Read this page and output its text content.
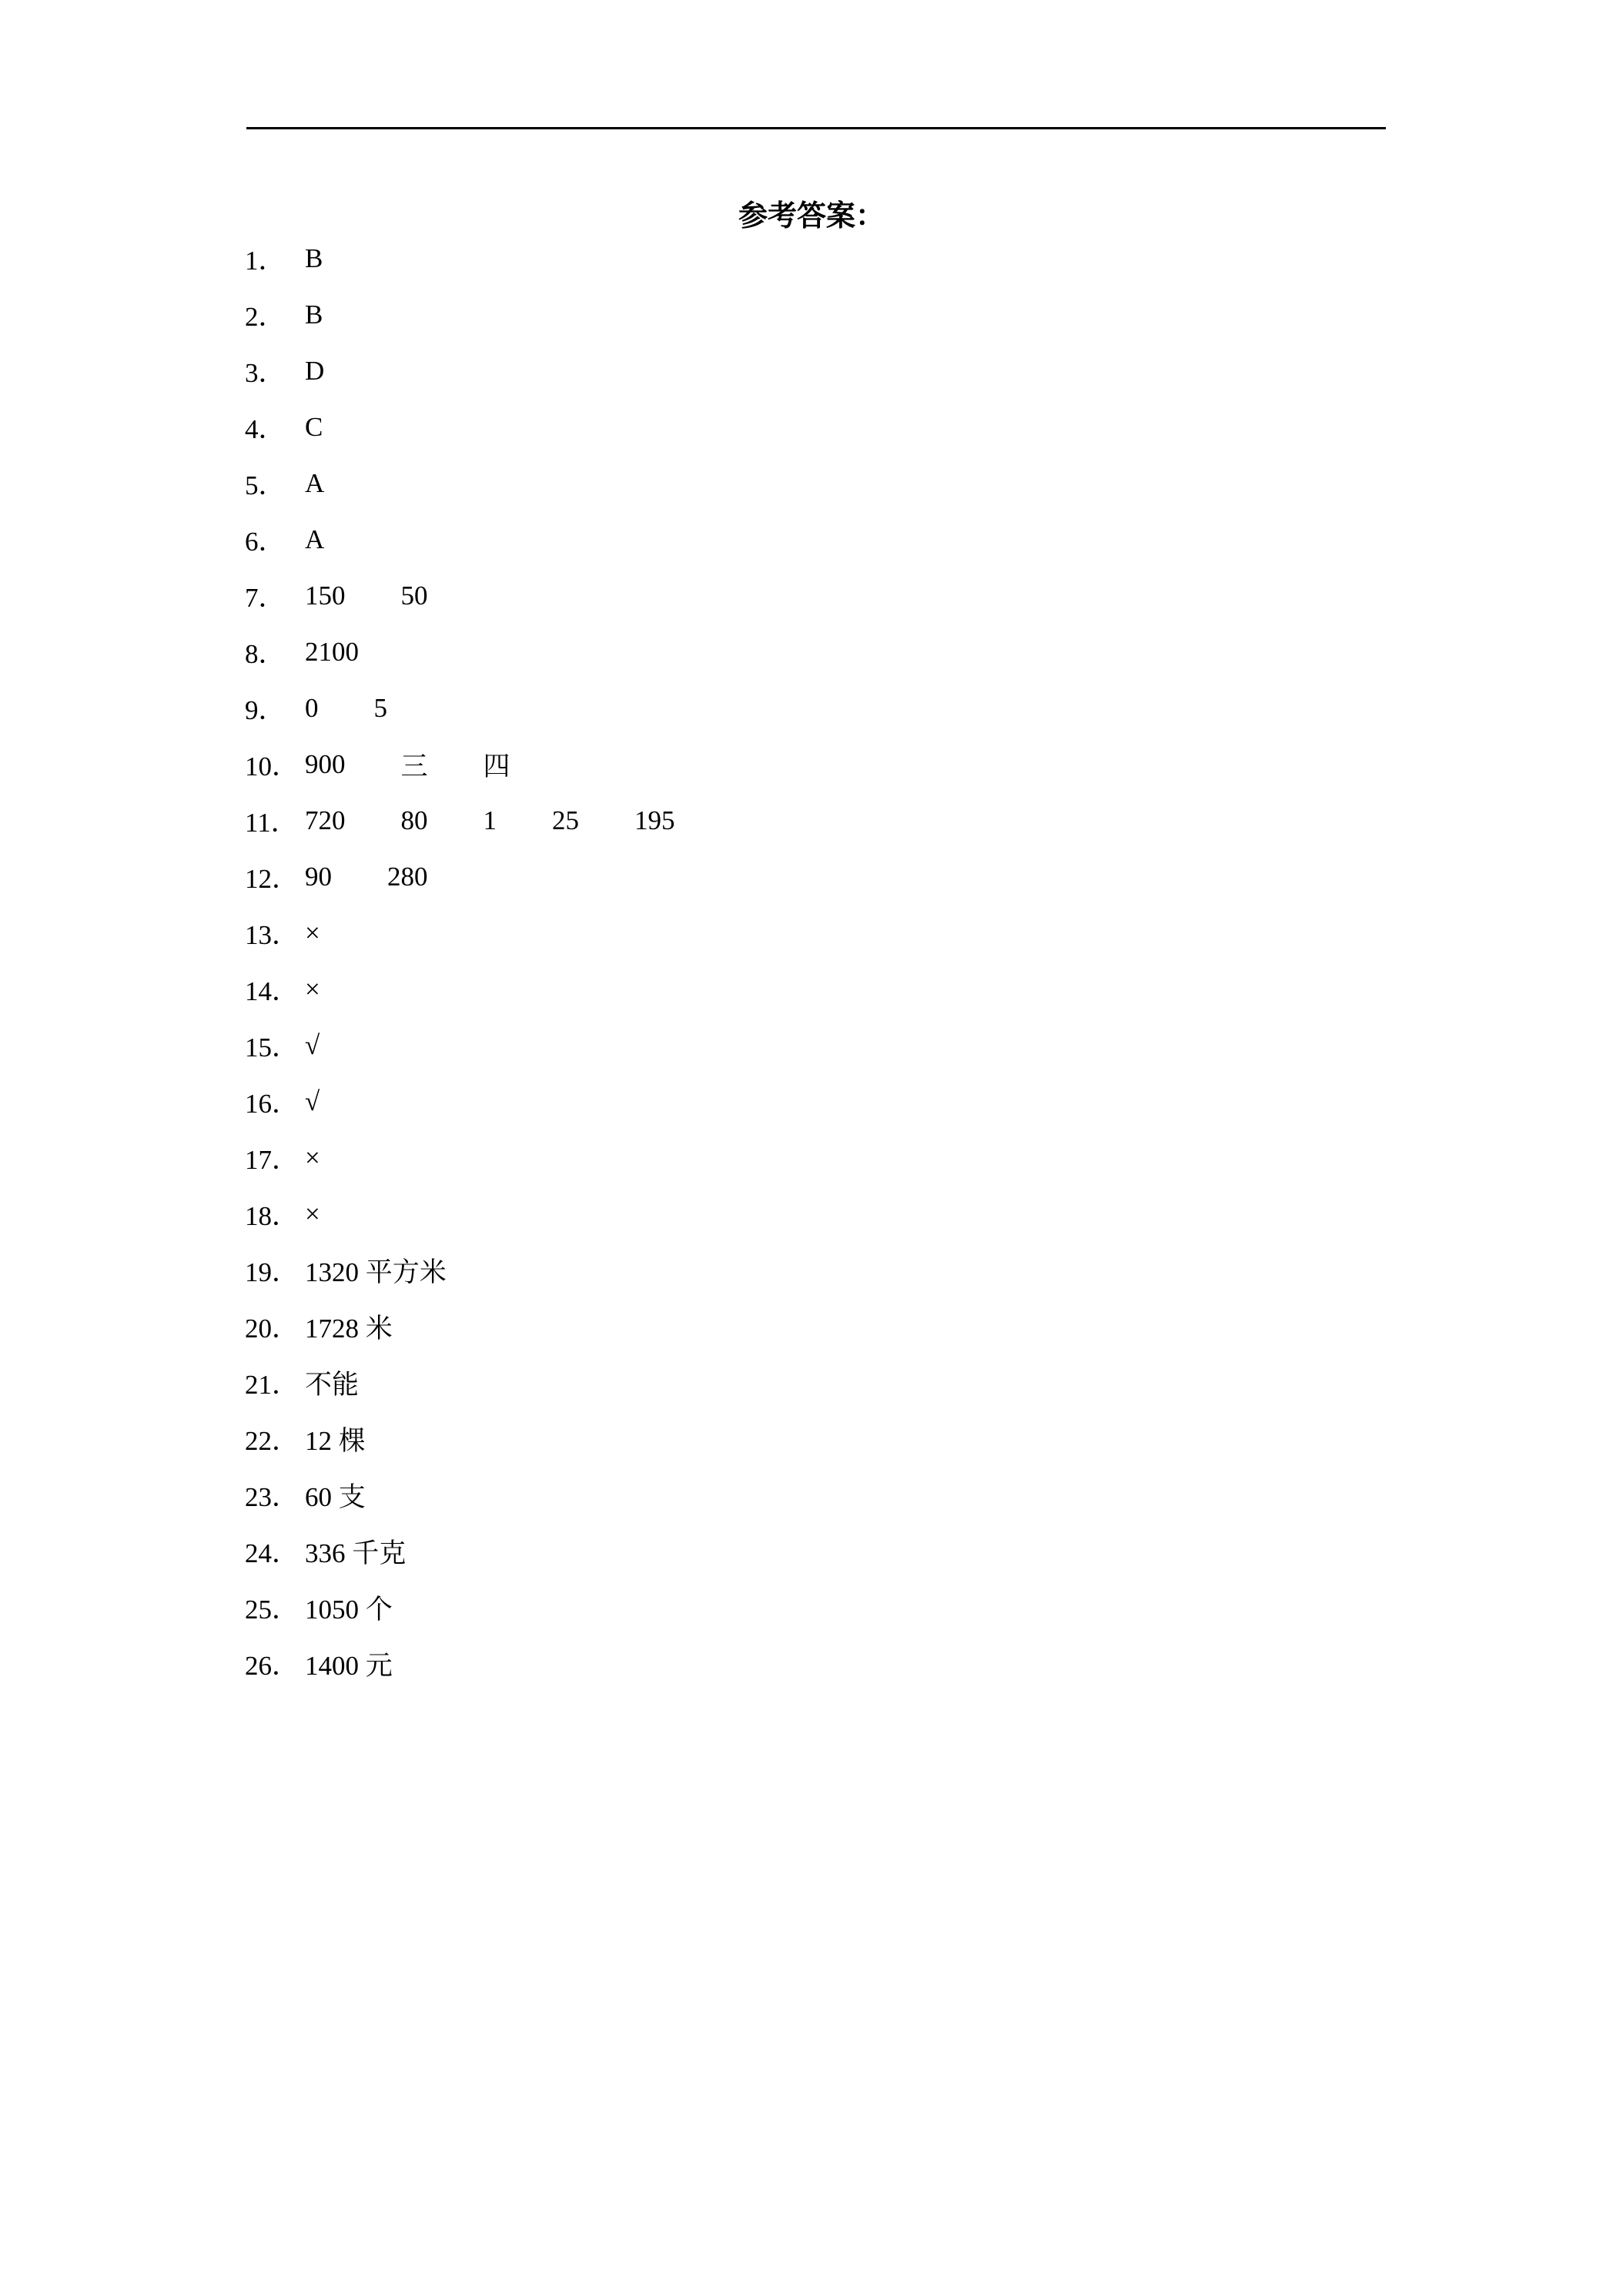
参考答案：
1． B
2． B
3． D
4． C
5． A
6． A
7． 150 50
8． 2100
9． 0 5
10． 900 三 四
11． 720 80 1 25 195
12． 90 280
13． ×
14． ×
15． √
16． √
17． ×
18． ×
19． 1320 平方米
20． 1728 米
21． 不能
22． 12 棵
23． 60 支
24． 336 千克
25． 1050 个
26． 1400 元
